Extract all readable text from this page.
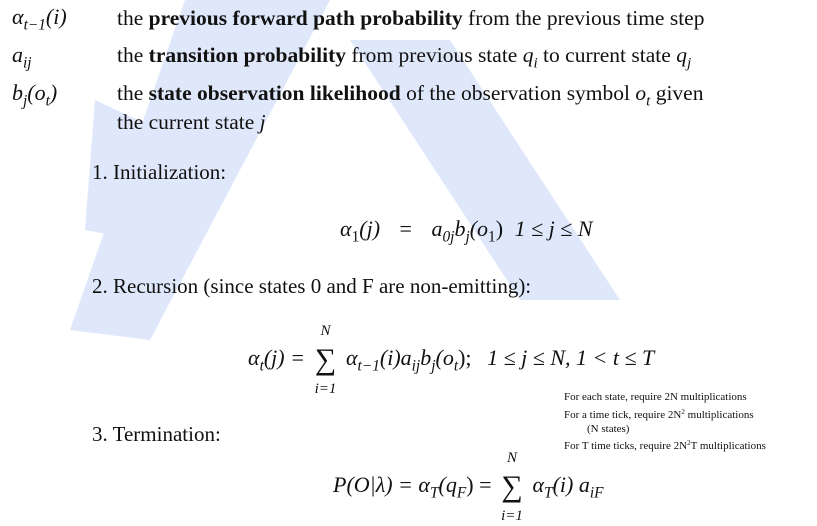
$\alpha_{t-1}(i)$ the previous forward path probability from the previous time step
$a_{ij}$	the transition probability from previous state $q_i$ to current state $q_j$
$b_j(o_t)$	the state observation likelihood of the observation symbol $o_t$ given
the current state j
1. Initialization:
$\alpha_1(j) = a_{0j}b_j(o_1) 1 \le j \le N$
2. Recursion (since states 0 and F are non-emitting):
$\alpha_t(j)$ =
N
∑
i=1
$\alpha_{t-1}(i)a_{ij}b_j(o_t)$; 1 ≤ j ≤ N, 1 < t ≤ T
For each state, require 2N multiplications
For a time tick, require $2N^2$ multiplications
(N states)
For T time ticks, require $2N^2T$ multiplications
3. Termination:
$P(O|\lambda) = \alpha_T(q_F)$ =
N
∑
i=1
$\alpha_T(i)$ $a_{iF}$
